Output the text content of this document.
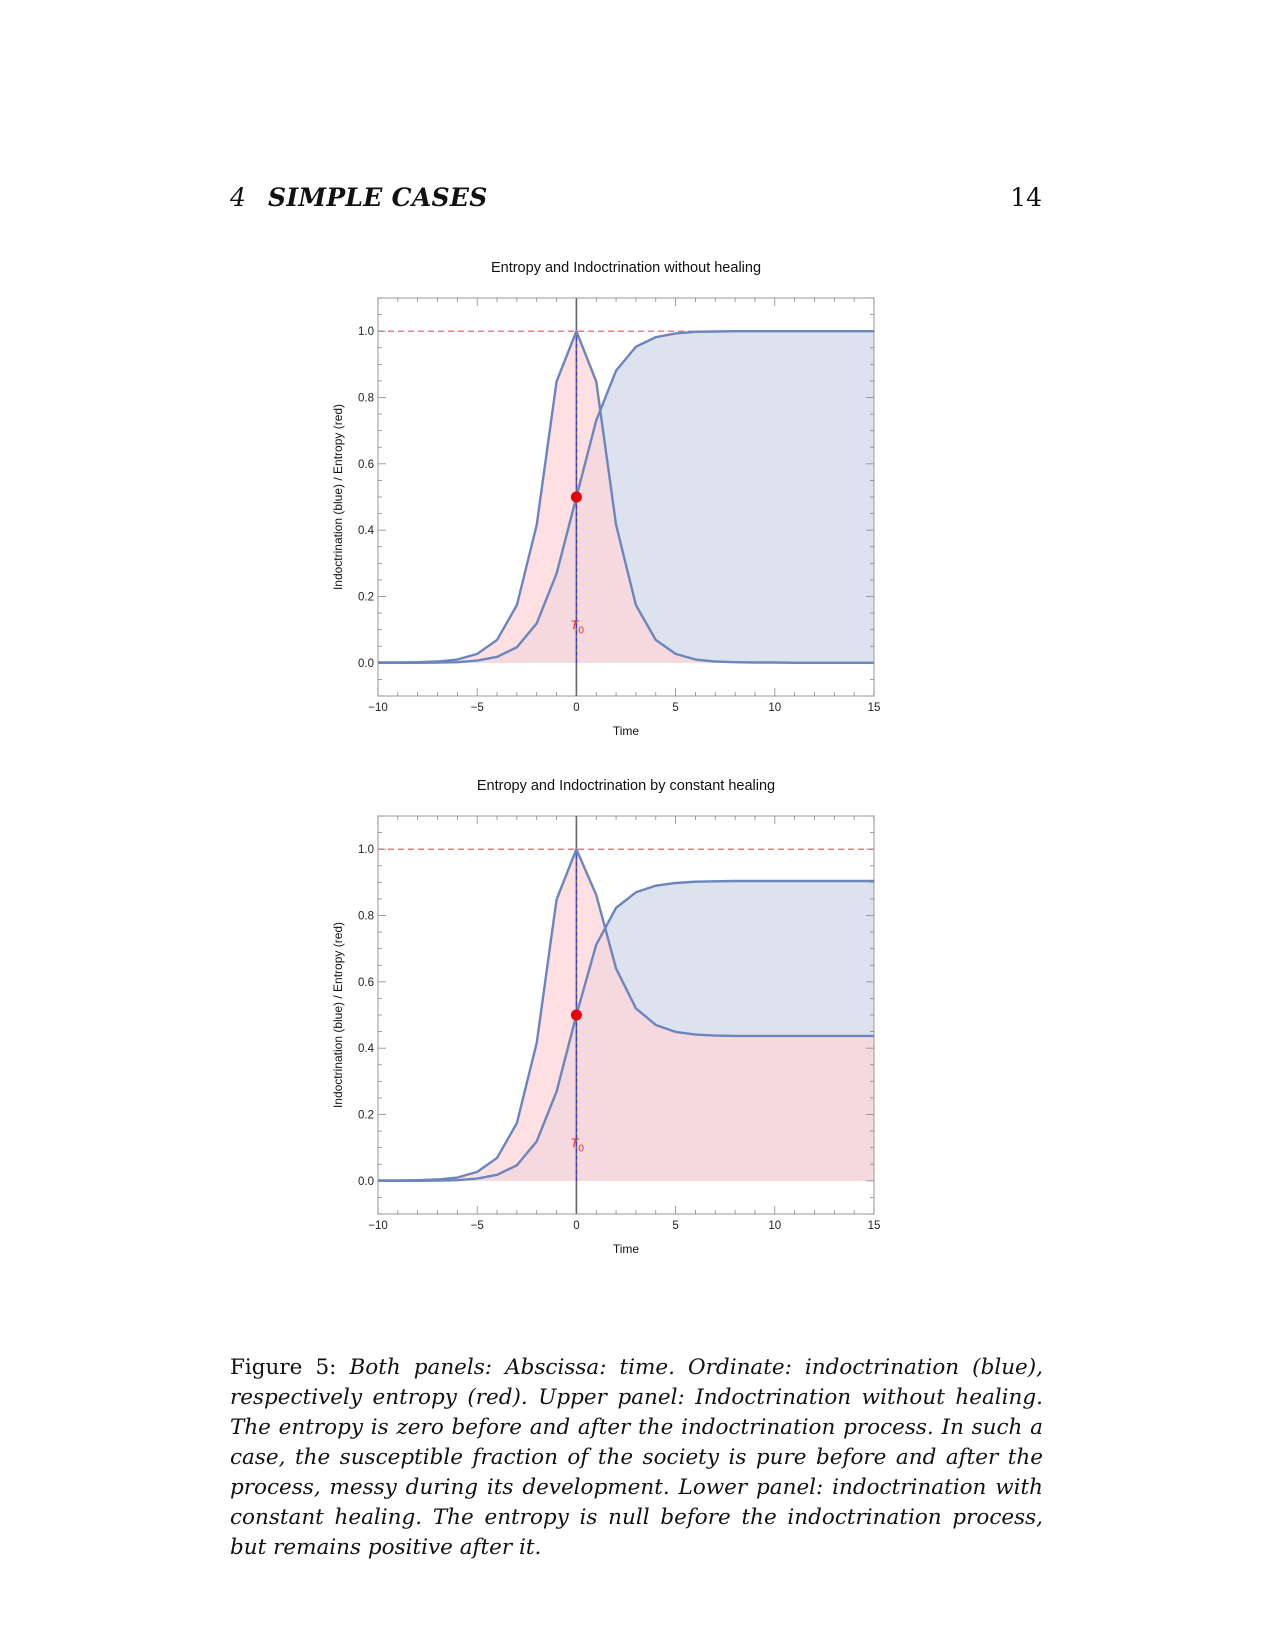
4 SIMPLE CASES	14
Entropy and Indoctrination without healing
−10	−5	0	5	10	15
0.0
0.2
0.4
0.6
0.8
1.0
Time
Indoctrination (blue) / Entropy (red)
$T_0$
Entropy and Indoctrination by constant healing
−10	−5	0	5	10	15
0.0
0.2
0.4
0.6
0.8
1.0
Time
Indoctrination (blue) / Entropy (red)
$T_0$
Figure 5: Both panels: Abscissa: time. Ordinate: indoctrination (blue), respectively entropy (red). Upper panel: Indoctrination without healing. The entropy is zero before and after the indoctrination process. In such a case, the susceptible fraction of the society is pure before and after the process, messy during its development. Lower panel: indoctrination with constant healing. The entropy is null before the indoctrination process, but remains positive after it.
